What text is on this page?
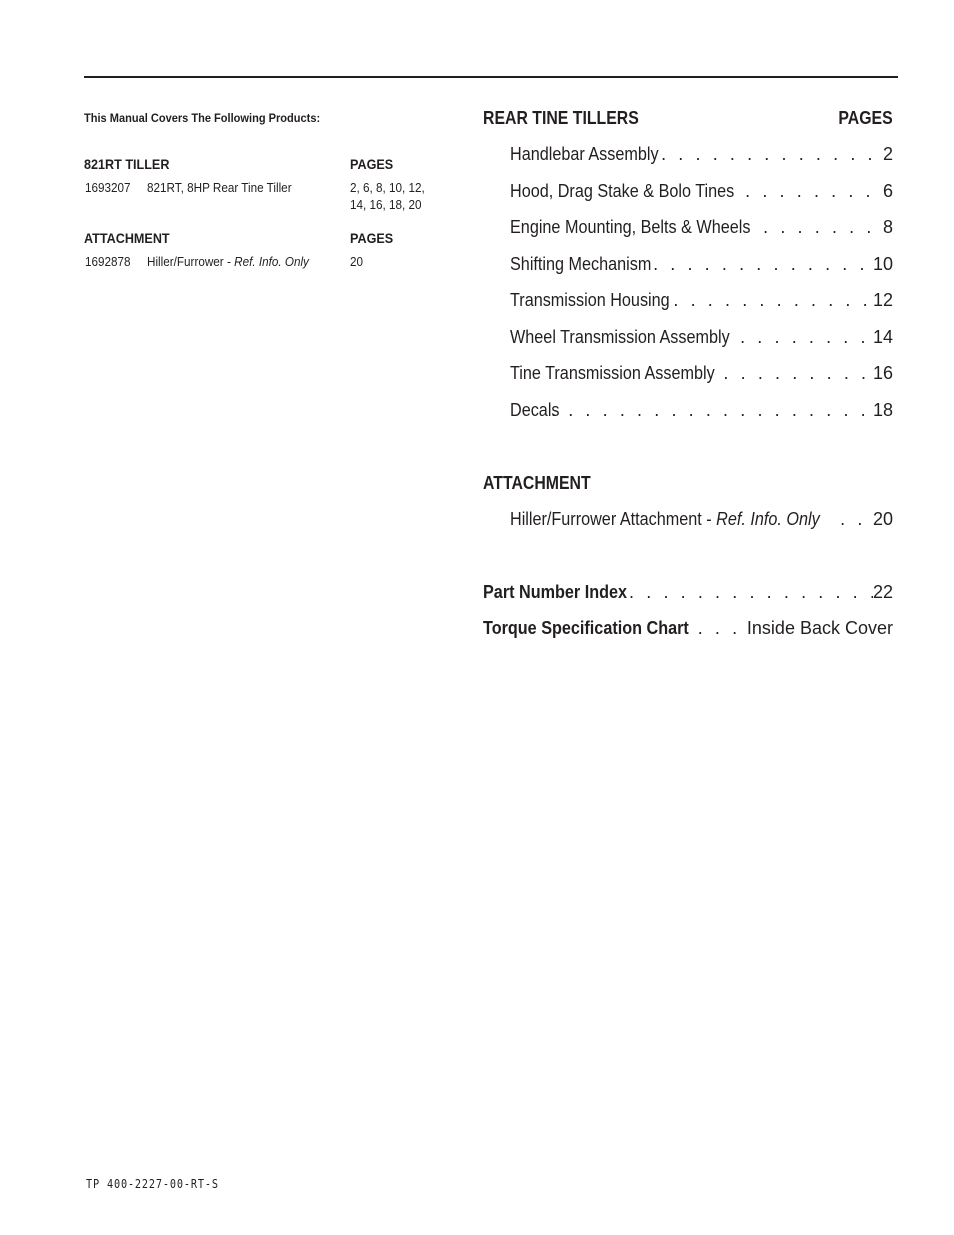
This Manual Covers The Following Products:
821RT TILLER	PAGES
1693207 821RT, 8HP Rear Tine Tiller	2, 6, 8, 10, 12,
14, 16, 18, 20
ATTACHMENT	PAGES
1692878 Hiller/Furrower - Ref. Info. Only	20
REAR TINE TILLERS	PAGES
Handlebar Assembly . . .	2
Hood, Drag Stake & Bolo Tines . . .	6
Engine Mounting, Belts & Wheels . . .	8
Shifting Mechanism . . .	10
Transmission Housing . . .	12
Wheel Transmission Assembly . . .	14
Tine Transmission Assembly . . .	16
Decals . . .	18
ATTACHMENT
Hiller/Furrower Attachment - Ref. Info. Only . . .	20
Part Number Index . . .	22
Torque Specification Chart . . .	Inside Back Cover
TP 400-2227-00-RT-S
